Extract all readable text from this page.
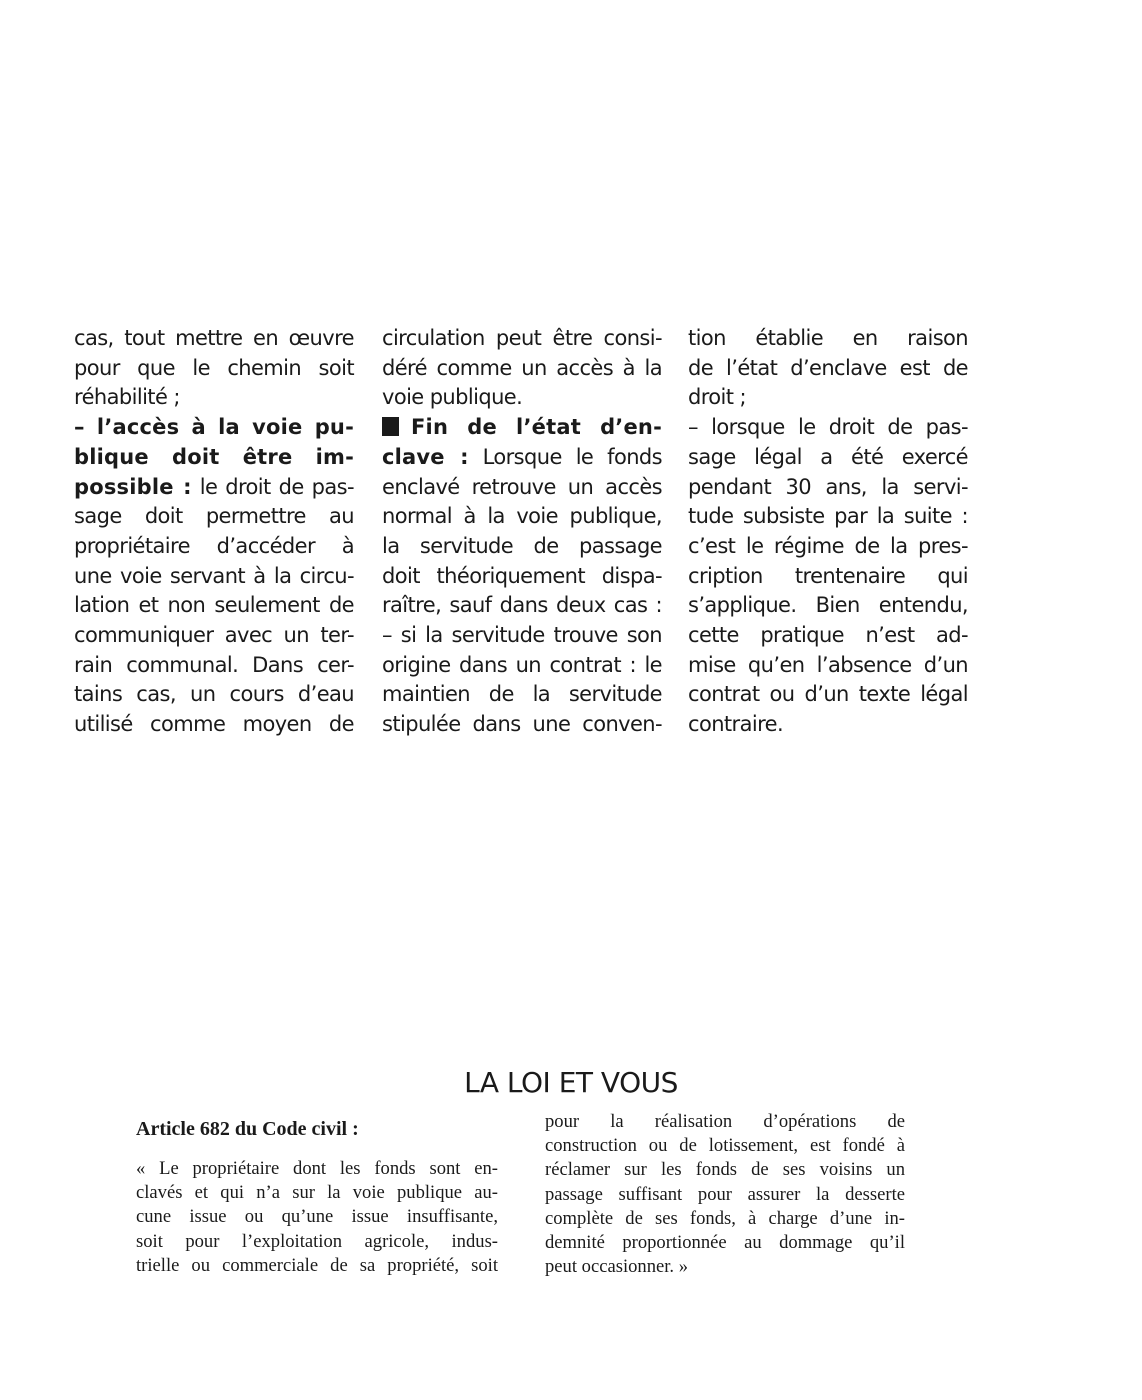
cas, tout mettre en œuvre
pour que le chemin soit
réhabilité ;
– l’accès à la voie pu-
blique doit être im-
possible : le droit de pas-
sage doit permettre au
propriétaire d’accéder à
une voie servant à la circu-
lation et non seulement de
communiquer avec un ter-
rain communal. Dans cer-
tains cas, un cours d’eau
utilisé comme moyen de
circulation peut être consi-
déré comme un accès à la
voie publique.
Fin de l’état d’en-
clave : Lorsque le fonds
enclavé retrouve un accès
normal à la voie publique,
la servitude de passage
doit théoriquement dispa-
raître, sauf dans deux cas :
– si la servitude trouve son
origine dans un contrat : le
maintien de la servitude
stipulée dans une conven-
tion établie en raison
de l’état d’enclave est de
droit ;
– lorsque le droit de pas-
sage légal a été exercé
pendant 30 ans, la servi-
tude subsiste par la suite :
c’est le régime de la pres-
cription trentenaire qui
s’applique. Bien entendu,
cette pratique n’est ad-
mise qu’en l’absence d’un
contrat ou d’un texte légal
contraire.
LA LOI ET VOUS
Article 682 du Code civil :
« Le propriétaire dont les fonds sont en-
clavés et qui n’a sur la voie publique au-
cune issue ou qu’une issue insuffisante,
soit pour l’exploitation agricole, indus-
trielle ou commerciale de sa propriété, soit
pour la réalisation d’opérations de
construction ou de lotissement, est fondé à
réclamer sur les fonds de ses voisins un
passage suffisant pour assurer la desserte
complète de ses fonds, à charge d’une in-
demnité proportionnée au dommage qu’il
peut occasionner. »
